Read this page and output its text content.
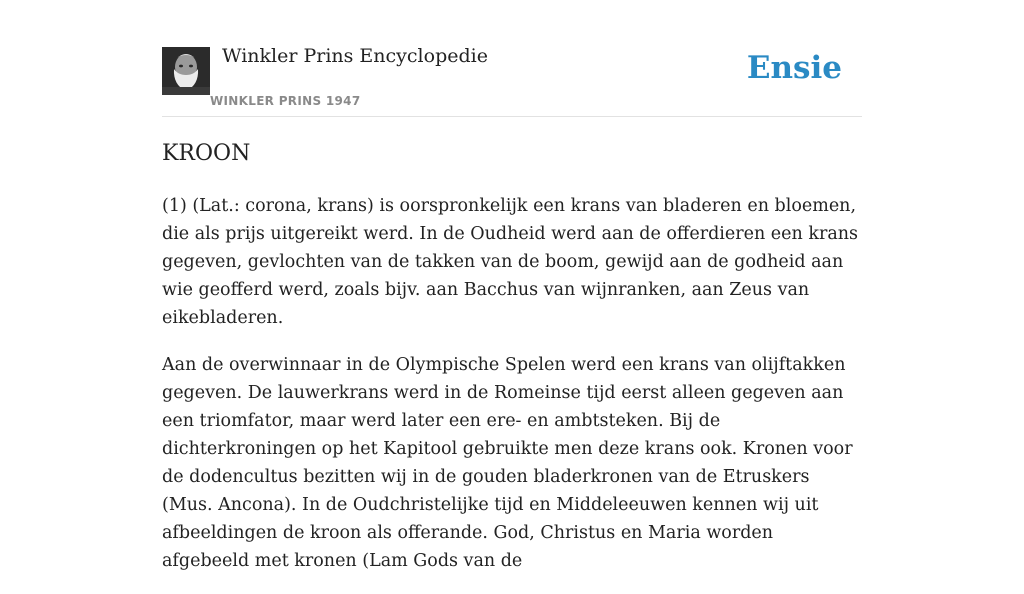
Winkler Prins Encyclopedie
WINKLER PRINS 1947
Ensie
KROON

(1) (Lat.: corona, krans) is oorspronkelijk een krans van bladeren en bloemen, die als prijs uitgereikt werd. In de Oudheid werd aan de offerdieren een krans gegeven, gevlochten van de takken van de boom, gewijd aan de godheid aan wie geofferd werd, zoals bijv. aan Bacchus van wijnranken, aan Zeus van eikebladeren.

Aan de overwinnaar in de Olympische Spelen werd een krans van olijftakken gegeven. De lauwerkrans werd in de Romeinse tijd eerst alleen gegeven aan een triomfator, maar werd later een ere- en ambtsteken. Bij de dichterkroningen op het Kapitool gebruikte men deze krans ook. Kronen voor de dodencultus bezitten wij in de gouden bladerkronen van de Etruskers (Mus. Ancona). In de Oudchristelijke tijd en Middeleeuwen kennen wij uit afbeeldingen de kroon als offerande. God, Christus en Maria worden afgebeeld met kronen (Lam Gods van de
